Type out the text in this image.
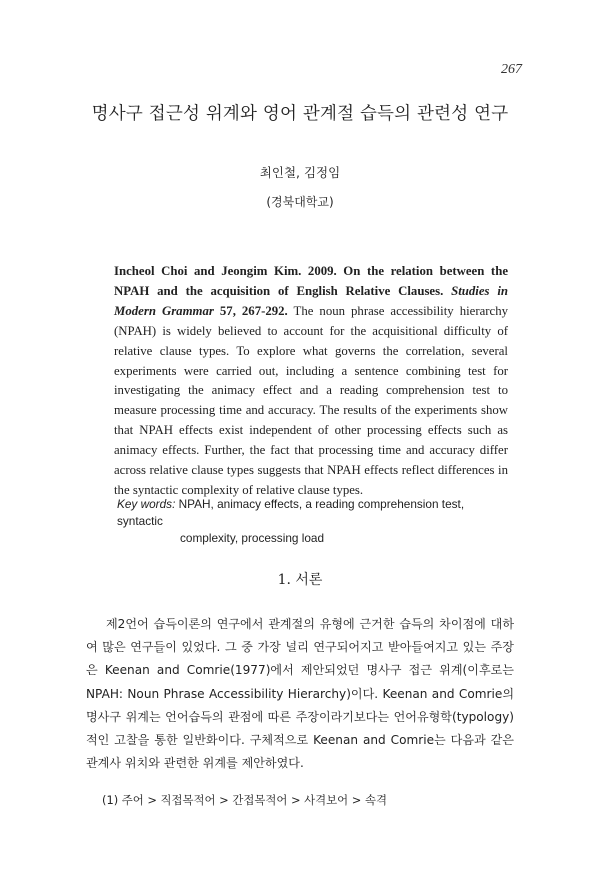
267
명사구 접근성 위계와 영어 관계절 습득의 관련성 연구
최인철, 김정임
(경북대학교)
Incheol Choi and Jeongim Kim. 2009. On the relation between the NPAH and the acquisition of English Relative Clauses. Studies in Modern Grammar 57, 267-292. The noun phrase accessibility hierarchy (NPAH) is widely believed to account for the acquisitional difficulty of relative clause types. To explore what governs the correlation, several experiments were carried out, including a sentence combining test for investigating the animacy effect and a reading comprehension test to measure processing time and accuracy. The results of the experiments show that NPAH effects exist independent of other processing effects such as animacy effects. Further, the fact that processing time and accuracy differ across relative clause types suggests that NPAH effects reflect differences in the syntactic complexity of relative clause types.
Key words: NPAH, animacy effects, a reading comprehension test, syntactic
complexity, processing load
1. 서론
제2언어 습득이론의 연구에서 관계절의 유형에 근거한 습득의 차이점에 대하여 많은 연구들이 있었다. 그 중 가장 널리 연구되어지고 받아들여지고 있는 주장은 Keenan and Comrie(1977)에서 제안되었던 명사구 접근 위계(이후로는 NPAH: Noun Phrase Accessibility Hierarchy)이다. Keenan and Comrie의 명사구 위계는 언어습득의 관점에 따른 주장이라기보다는 언어유형학(typology)적인 고찰을 통한 일반화이다. 구체적으로 Keenan and Comrie는 다음과 같은 관계사 위치와 관련한 위계를 제안하였다.
(1) 주어 > 직접목적어 > 간접목적어 > 사격보어 > 속격
